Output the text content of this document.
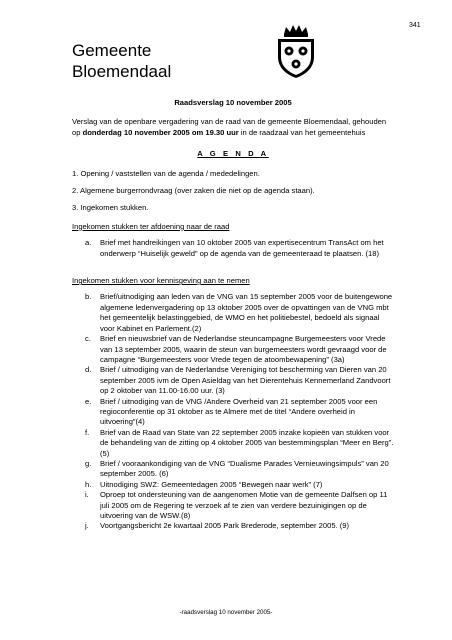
341
Gemeente
Bloemendaal
Raadsverslag 10 november 2005
Verslag van de openbare vergadering van de raad van de gemeente Bloemendaal, gehouden op donderdag 10 november 2005 om 19.30 uur in de raadzaal van het gemeentehuis
A G E N D A
1. Opening / vaststellen van de agenda / mededelingen.
2. Algemene burgerrondvraag (over zaken die niet op de agenda staan).
3. Ingekomen stukken.
Ingekomen stukken ter afdoening naar de raad
a. Brief met handreikingen van 10 oktober 2005 van expertisecentrum TransAct om het onderwerp “Huiselijk geweld” op de agenda van de gemeenteraad te plaatsen. (18)
Ingekomen stukken voor kennisgeving aan te nemen
b. Brief/uitnodiging aan leden van de VNG van 15 september 2005 voor de buitengewone algemene ledenvergadering op 13 oktober 2005 over de opvattingen van de VNG mbt het gemeentelijk belastinggebied, de WMO en het politiebestel, bedoeld als signaal voor Kabinet en Parlement.(2)
c. Brief en nieuwsbrief van de Nederlandse steuncampagne Burgemeesters voor Vrede van 13 september 2005, waarin de steun van burgemeesters wordt gevraagd voor de campagne “Burgemeesters voor Vrede tegen de atoombewapening” (3a)
d. Brief / uitnodiging van de Nederlandse Vereniging tot bescherming van Dieren van 20 september 2005 ivm de Open Asieldag van het Dierentehuis Kennemerland Zandvoort op 2 oktober van 11.00-16.00 uur. (3)
e. Brief / uitnodiging van de VNG /Andere Overheid van 21 september 2005 voor een regioconferentie op 31 oktober as te Almere met de titel “Andere overheid in uitvoering”(4)
f. Brief van de Raad van State van 22 september 2005 inzake kopieën van stukken voor de behandeling van de zitting op 4 oktober 2005 van bestemmingsplan “Meer en Berg”. (5)
g. Brief / vooraankondiging van de VNG “Dualisme Parades Vernieuwingsimpuls” van 20 september 2005. (6)
h. Uitnodiging SWZ: Gemeentedagen 2005 “Bewegen naar werk” (7)
i. Oproep tot ondersteuning van de aangenomen Motie van de gemeente Dalfsen op 11 juli 2005 om de Regering te verzoek af te zien van verdere bezuinigingen op de uitvoering van de WSW.(8)
j. Voortgangsbericht 2e kwartaal 2005 Park Brederode, september 2005. (9)
-raadsverslag 10 november 2005-
